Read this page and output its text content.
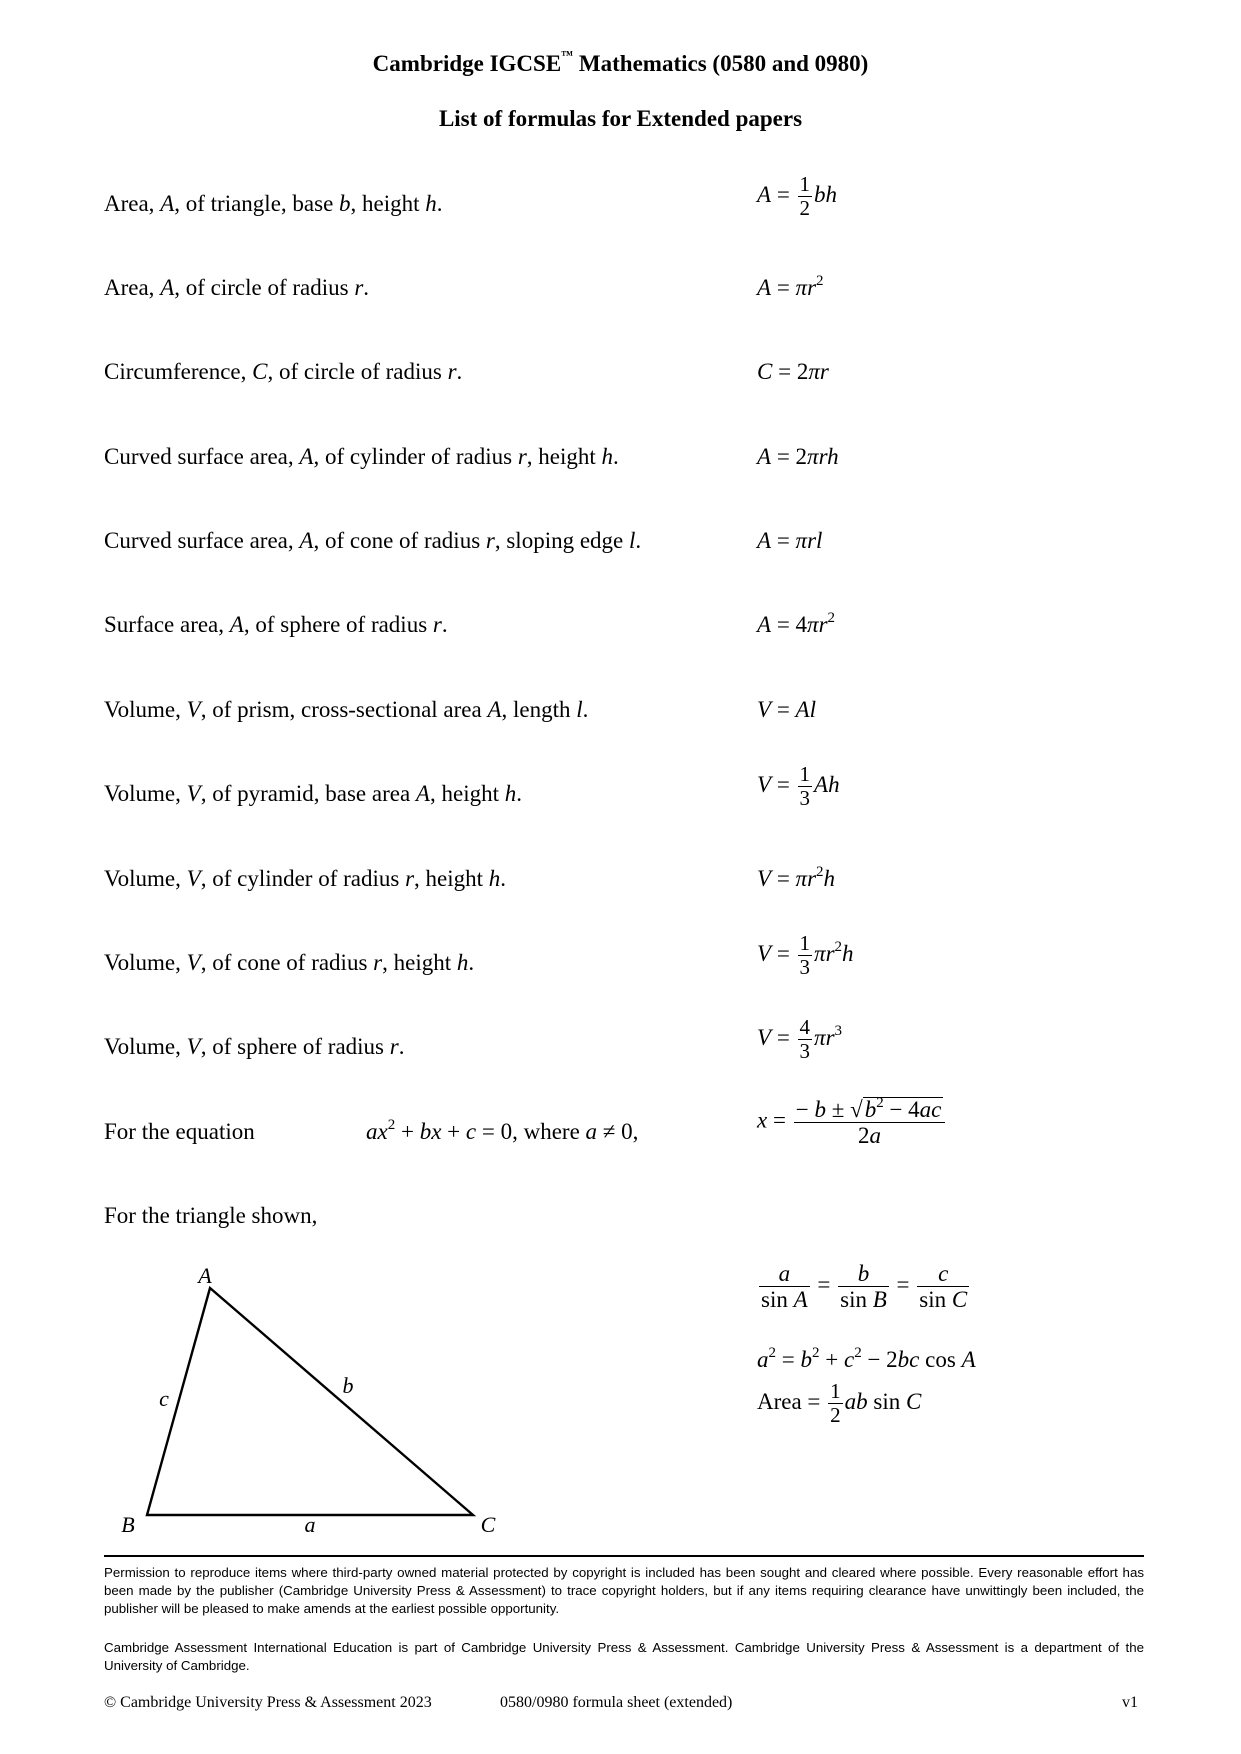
Cambridge IGCSE™ Mathematics (0580 and 0980)
List of formulas for Extended papers
Area, A, of triangle, base b, height h.	$A = \frac{1}{2}$ bh
Area, A, of circle of radius r.	$A = \pi r^2$
Circumference, C, of circle of radius r.	C = 2πr
Curved surface area, A, of cylinder of radius r, height h.	A = 2πrh
Curved surface area, A, of cone of radius r, sloping edge l.	A = πrl
Surface area, A, of sphere of radius r.	$A = 4\pi r^2$
Volume, V, of prism, cross-sectional area A, length l.	V = Al
Volume, V, of pyramid, base area A, height h.	$V = \frac{1}{3}$ Ah
Volume, V, of cylinder of radius r, height h.	$V = \pi r^2h$
Volume, V, of cone of radius r, height h.	$V = \frac{1}{3} \pi r^2h$
Volume, V, of sphere of radius r.	$V = \frac{4}{3} \pi r^3$
For the equation	$ax^2$ + bx + c = 0, where a ≠ 0,	$x = \frac{- b \pm √b^2 - 4ac}{2a}$
For the triangle shown,
A
B	C
a
b
c
$\frac{a}{\text{sin A}} = \frac{b}{\text{sin B}} = \frac{c}{\text{sin C}}$
$a^2 = b^2 + c^2 - 2bc$ cos A
Area = $\frac{1}{2}$ ab sin C
Permission to reproduce items where third-party owned material protected by copyright is included has been sought and cleared where possible. Every reasonable effort has been made by the publisher (Cambridge University Press & Assessment) to trace copyright holders, but if any items requiring clearance have unwittingly been included, the publisher will be pleased to make amends at the earliest possible opportunity.
Cambridge Assessment International Education is part of Cambridge University Press & Assessment. Cambridge University Press & Assessment is a department of the University of Cambridge.
© Cambridge University Press & Assessment 2023	0580/0980 formula sheet (extended)	v1
